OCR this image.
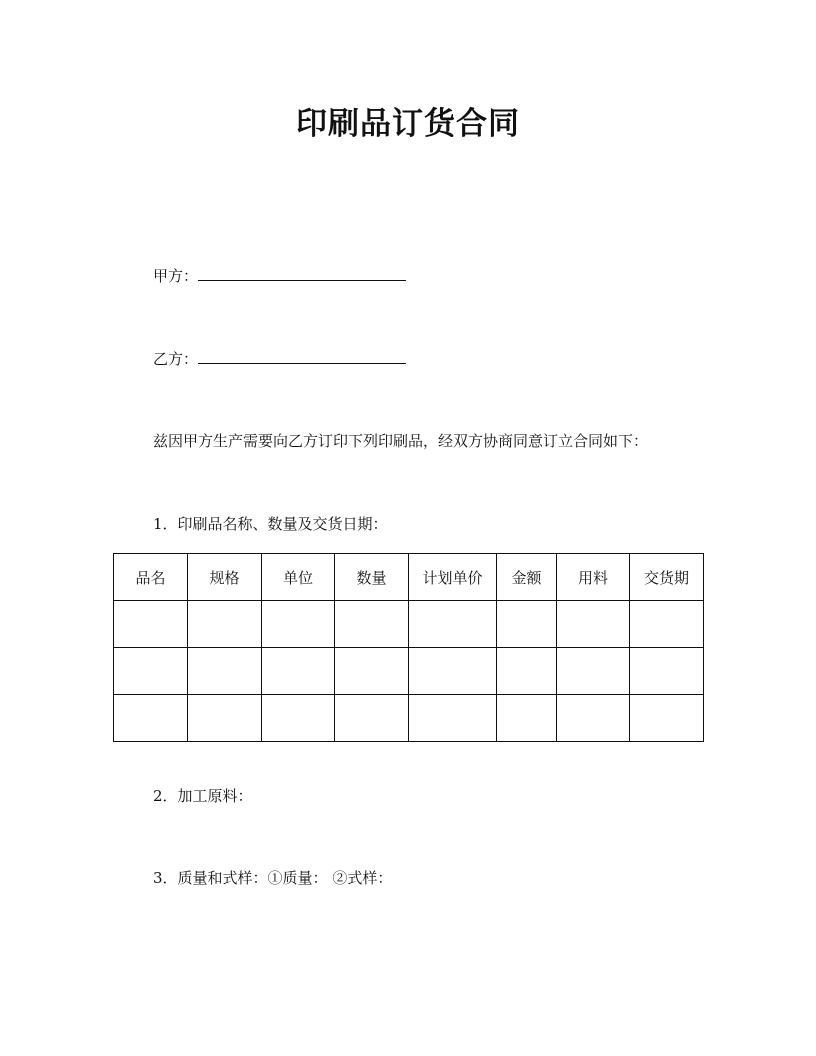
印刷品订货合同
甲方：
乙方：
兹因甲方生产需要向乙方订印下列印刷品，经双方协商同意订立合同如下：
1．印刷品名称、数量及交货日期：
品名	规格	单位	数量	计划单价	金额	用料	交货期

2．加工原料：
3．质量和式样：①质量： ②式样：
